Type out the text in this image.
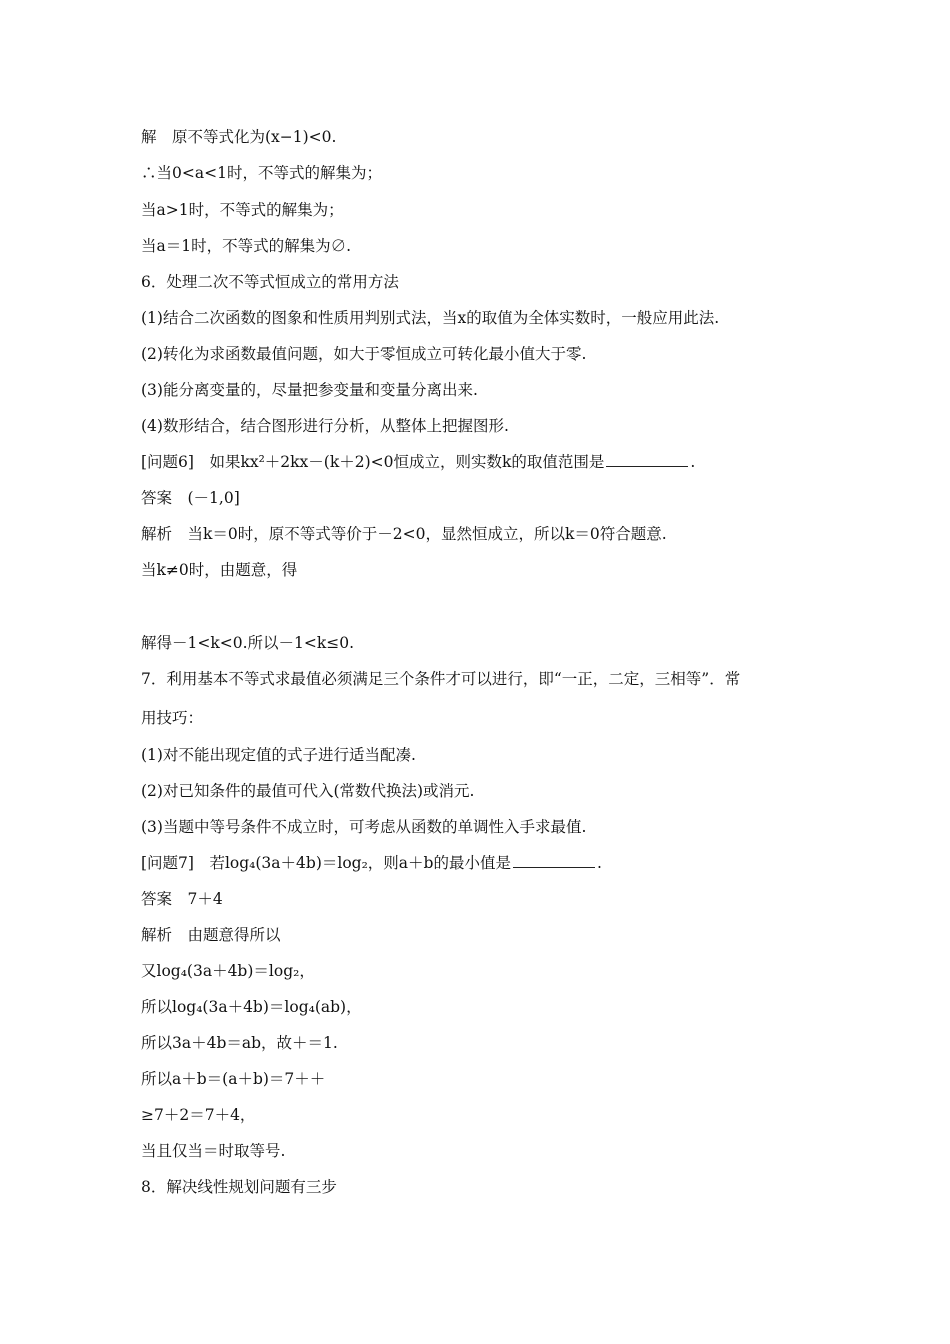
解　原不等式化为(x−1)<0.
∴当0<a<1时，不等式的解集为；
当a>1时，不等式的解集为；
当a＝1时，不等式的解集为∅.
6．处理二次不等式恒成立的常用方法
(1)结合二次函数的图象和性质用判别式法，当x的取值为全体实数时，一般应用此法.
(2)转化为求函数最值问题，如大于零恒成立可转化最小值大于零.
(3)能分离变量的，尽量把参变量和变量分离出来.
(4)数形结合，结合图形进行分析，从整体上把握图形.
[问题6]　如果kx²＋2kx－(k＋2)<0恒成立，则实数k的取值范围是	.
答案　(－1,0]
解析　当k＝0时，原不等式等价于－2<0，显然恒成立，所以k＝0符合题意.
当k≠0时，由题意，得
解得－1<k<0.所以－1<k≤0.
7．利用基本不等式求最值必须满足三个条件才可以进行，即“一正，二定，三相等”．常
用技巧：
(1)对不能出现定值的式子进行适当配凑.
(2)对已知条件的最值可代入(常数代换法)或消元.
(3)当题中等号条件不成立时，可考虑从函数的单调性入手求最值.
[问题7]　若log₄(3a＋4b)＝log₂，则a＋b的最小值是	.
答案　7＋4
解析　由题意得所以
又log₄(3a＋4b)＝log₂，
所以log₄(3a＋4b)＝log₄(ab)，
所以3a＋4b＝ab，故＋＝1.
所以a＋b＝(a＋b)＝7＋＋
≥7＋2＝7＋4，
当且仅当＝时取等号.
8．解决线性规划问题有三步
